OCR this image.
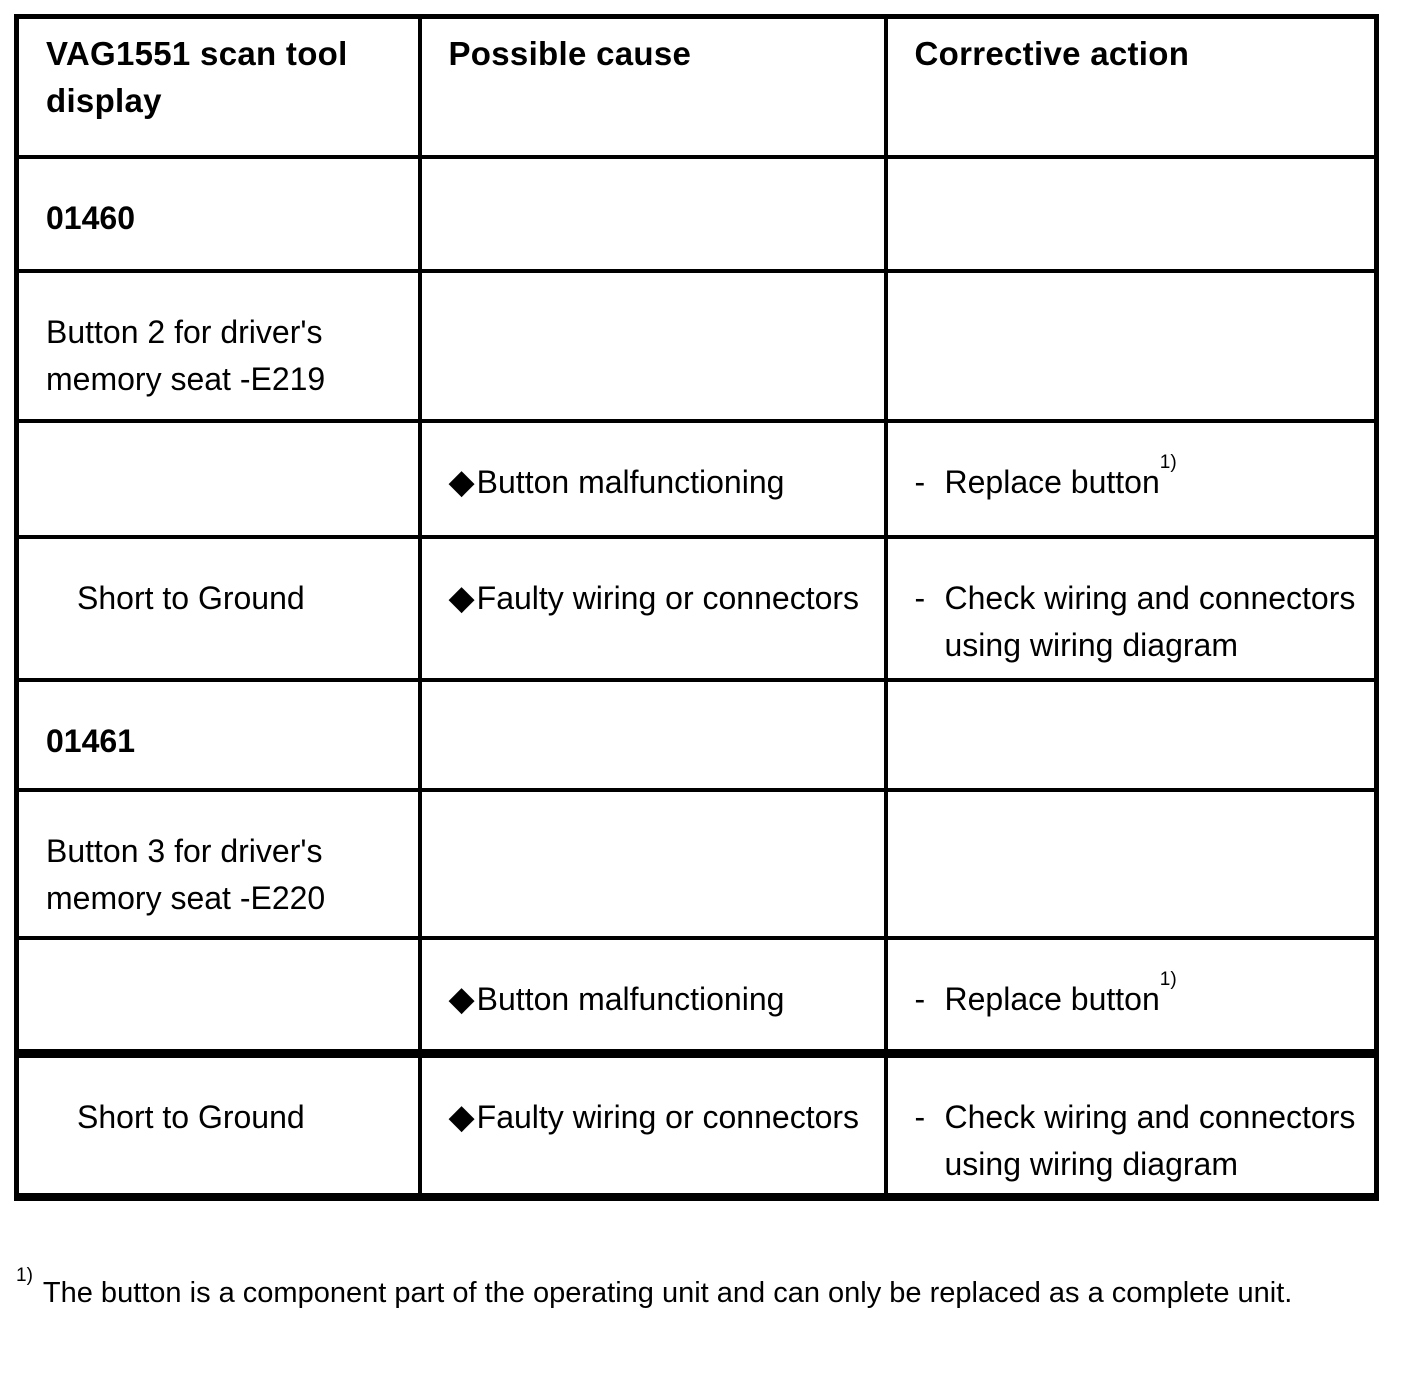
VAG1551 scan tool display	Possible cause	Corrective action
01460		
Button 2 for driver's memory seat -E219		

	◆ Button malfunctioning	- Replace button$^{1)}$

Short to Ground	◆ Faulty wiring or connectors	- Check wiring and connectors using wiring diagram

01461		
Button 3 for driver's memory seat -E220		

	◆ Button malfunctioning	- Replace button$^{1)}$

Short to Ground	◆ Faulty wiring or connectors	- Check wiring and connectors using wiring diagram
$^{1)}$The button is a component part of the operating unit and can only be replaced as a complete unit.
